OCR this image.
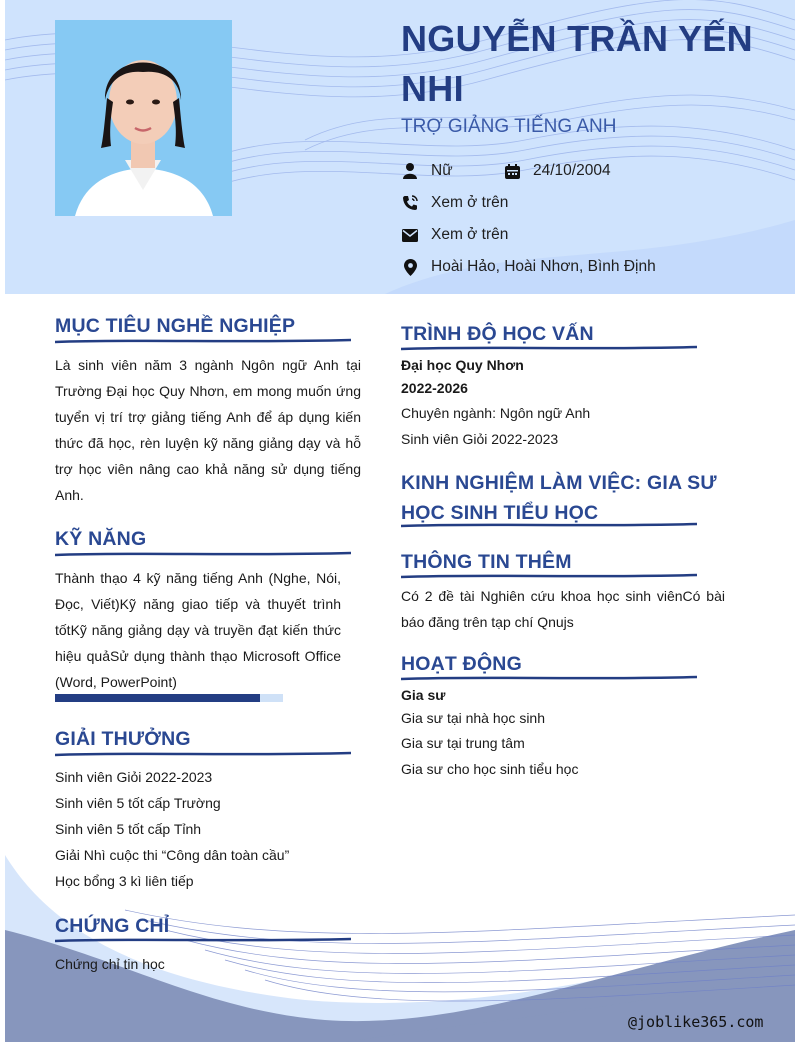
NGUYỄN TRẦN YẾN NHI
TRỢ GIẢNG TIẾNG ANH
Nữ	24/10/2004
Xem ở trên
Xem ở trên
Hoài Hảo, Hoài Nhơn, Bình Định
MỤC TIÊU NGHỀ NGHIỆP
Là sinh viên năm 3 ngành Ngôn ngữ Anh tại Trường Đại học Quy Nhơn, em mong muốn ứng tuyển vị trí trợ giảng tiếng Anh để áp dụng kiến thức đã học, rèn luyện kỹ năng giảng dạy và hỗ trợ học viên nâng cao khả năng sử dụng tiếng Anh.
KỸ NĂNG
Thành thạo 4 kỹ năng tiếng Anh (Nghe, Nói, Đọc, Viết)Kỹ năng giao tiếp và thuyết trình tốtKỹ năng giảng dạy và truyền đạt kiến thức hiệu quảSử dụng thành thạo Microsoft Office (Word, PowerPoint)
GIẢI THƯỞNG
Sinh viên Giỏi 2022-2023
Sinh viên 5 tốt cấp Trường
Sinh viên 5 tốt cấp Tỉnh
Giải Nhì cuộc thi “Công dân toàn cầu”
Học bổng 3 kì liên tiếp
CHỨNG CHỈ
Chứng chỉ tin học
TRÌNH ĐỘ HỌC VẤN
Đại học Quy Nhơn
2022-2026
Chuyên ngành: Ngôn ngữ Anh
Sinh viên Giỏi 2022-2023
KINH NGHIỆM LÀM VIỆC: GIA SƯ HỌC SINH TIỂU HỌC
THÔNG TIN THÊM
Có 2 đề tài Nghiên cứu khoa học sinh viênCó bài báo đăng trên tạp chí Qnujs
HOẠT ĐỘNG
Gia sư
Gia sư tại nhà học sinh
Gia sư tại trung tâm
Gia sư cho học sinh tiểu học
@joblike365.com
